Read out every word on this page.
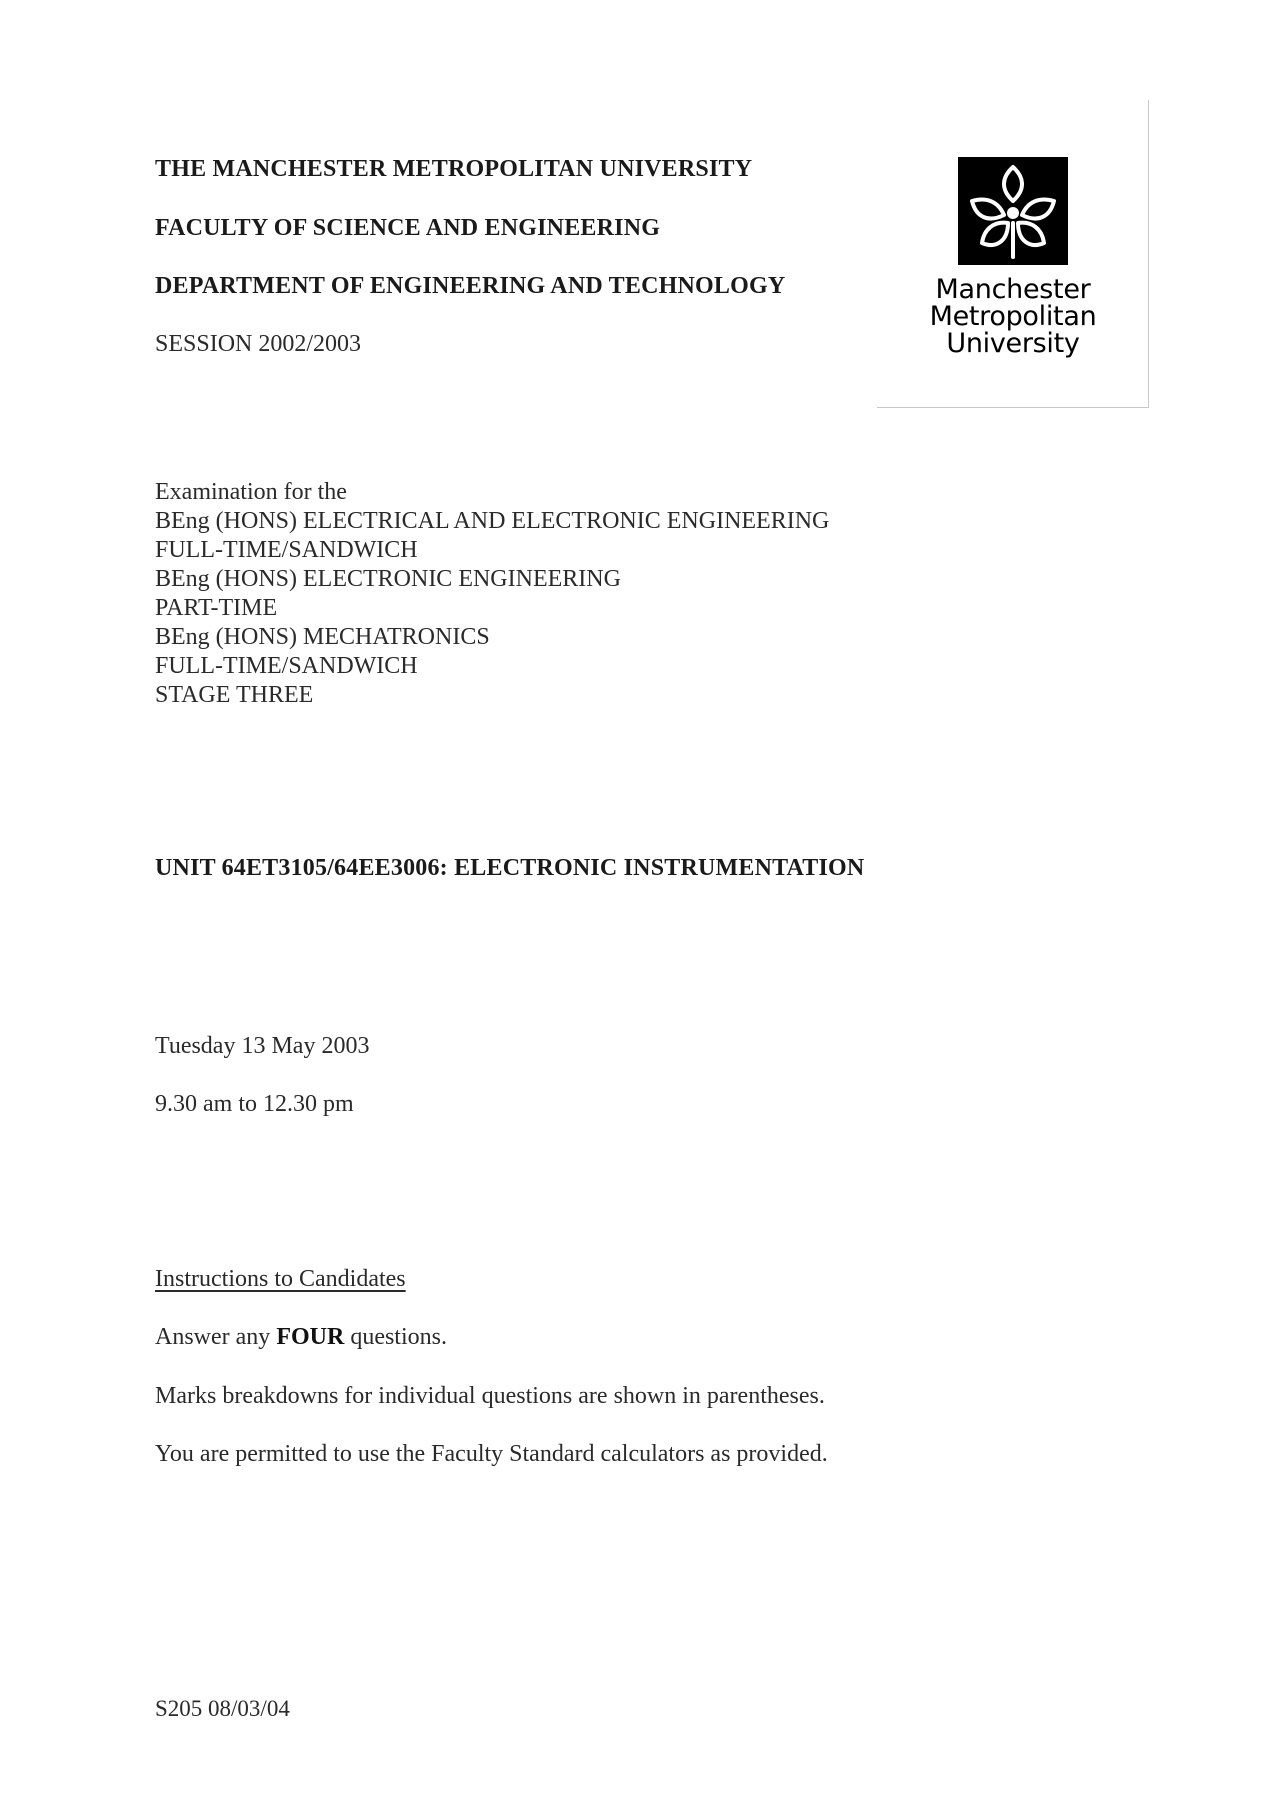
THE MANCHESTER METROPOLITAN UNIVERSITY
FACULTY OF SCIENCE AND ENGINEERING
DEPARTMENT OF ENGINEERING AND TECHNOLOGY
SESSION 2002/2003
Manchester
Metropolitan
University
Examination for the
BEng (HONS) ELECTRICAL AND ELECTRONIC ENGINEERING
FULL-TIME/SANDWICH
BEng (HONS) ELECTRONIC ENGINEERING
PART-TIME
BEng (HONS) MECHATRONICS
FULL-TIME/SANDWICH
STAGE THREE
UNIT 64ET3105/64EE3006: ELECTRONIC INSTRUMENTATION
Tuesday 13 May 2003
9.30 am to 12.30 pm
Instructions to Candidates
Answer any FOUR questions.
Marks breakdowns for individual questions are shown in parentheses.
You are permitted to use the Faculty Standard calculators as provided.
S205 08/03/04
